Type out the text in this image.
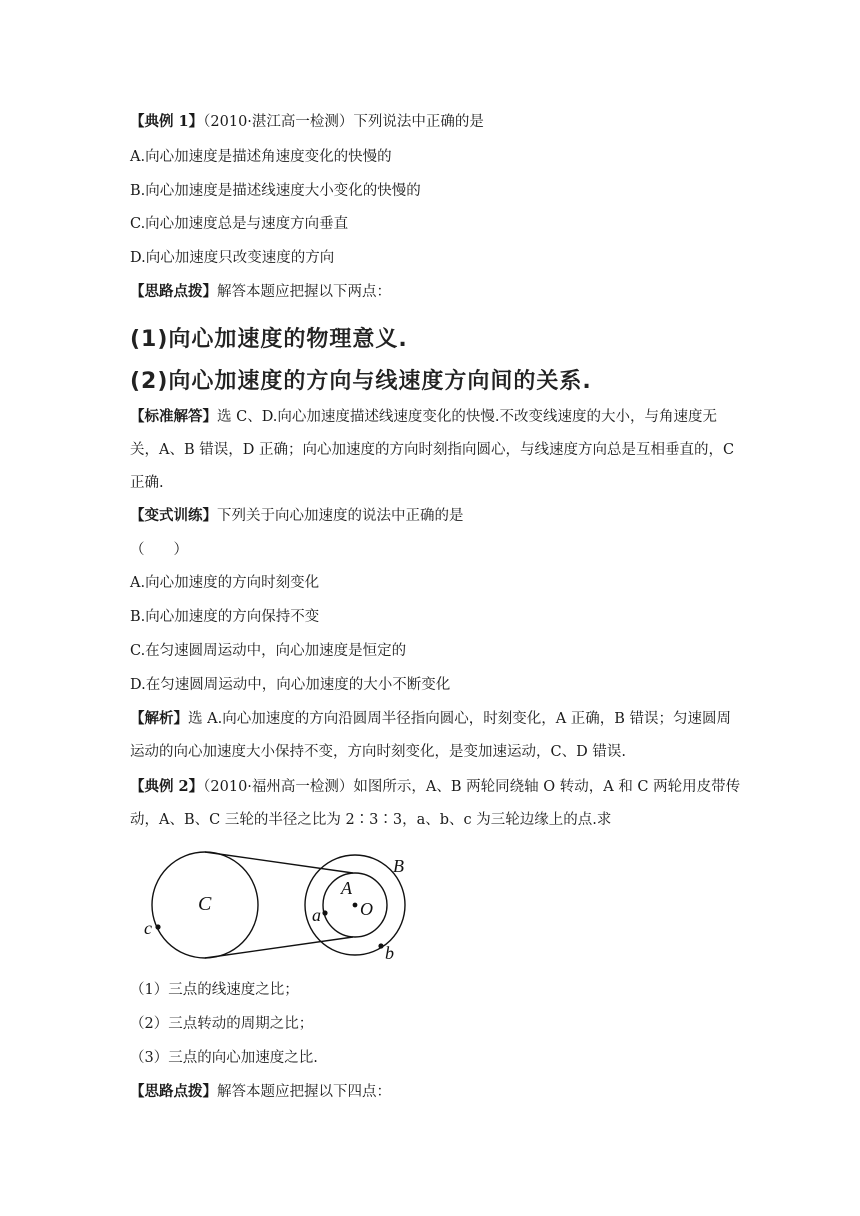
【典例 1】（2010·湛江高一检测）下列说法中正确的是
A.向心加速度是描述角速度变化的快慢的
B.向心加速度是描述线速度大小变化的快慢的
C.向心加速度总是与速度方向垂直
D.向心加速度只改变速度的方向
【思路点拨】解答本题应把握以下两点：
(1)向心加速度的物理意义.
(2)向心加速度的方向与线速度方向间的关系.
【标准解答】选 C、D.向心加速度描述线速度变化的快慢.不改变线速度的大小，与角速度无关，A、B 错误，D 正确；向心加速度的方向时刻指向圆心，与线速度方向总是互相垂直的，C 正确.
【变式训练】下列关于向心加速度的说法中正确的是
（　　）
A.向心加速度的方向时刻变化
B.向心加速度的方向保持不变
C.在匀速圆周运动中，向心加速度是恒定的
D.在匀速圆周运动中，向心加速度的大小不断变化
【解析】选 A.向心加速度的方向沿圆周半径指向圆心，时刻变化，A 正确，B 错误；匀速圆周运动的向心加速度大小保持不变，方向时刻变化，是变加速运动，C、D 错误.
【典例 2】（2010·福州高一检测）如图所示，A、B 两轮同绕轴 O 转动，A 和 C 两轮用皮带传动，A、B、C 三轮的半径之比为 2∶3∶3，a、b、c 为三轮边缘上的点.求
C
A
B
O
a
b
c
（1）三点的线速度之比；
（2）三点转动的周期之比；
（3）三点的向心加速度之比.
【思路点拨】解答本题应把握以下四点：
